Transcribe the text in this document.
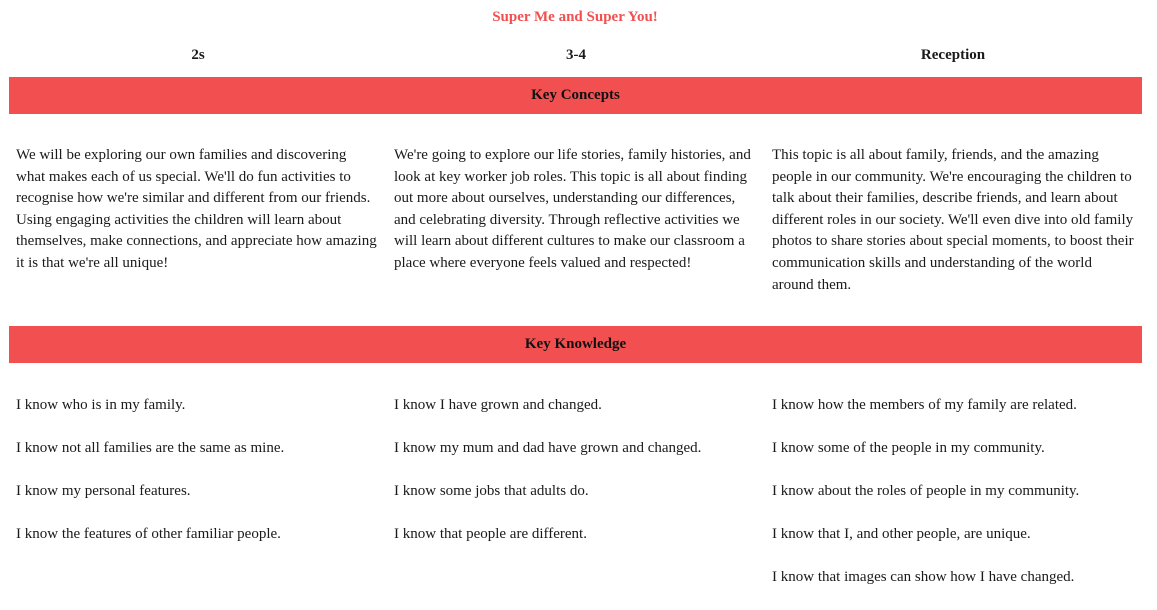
Super Me and Super You!
2s	3-4	Reception
Key Concepts
We will be exploring our own families and discovering what makes each of us special. We'll do fun activities to recognise how we're similar and different from our friends. Using engaging activities the children will learn about themselves, make connections, and appreciate how amazing it is that we're all unique!
We're going to explore our life stories, family histories, and look at key worker job roles. This topic is all about finding out more about ourselves, understanding our differences, and celebrating diversity. Through reflective activities we will learn about different cultures to make our classroom a place where everyone feels valued and respected!
This topic is all about family, friends, and the amazing people in our community. We're encouraging the children to talk about their families, describe friends, and learn about different roles in our society. We'll even dive into old family photos to share stories about special moments, to boost their communication skills and understanding of the world around them.
Key Knowledge
I know who is in my family.
I know not all families are the same as mine.
I know my personal features.
I know the features of other familiar people.
I know I have grown and changed.
I know my mum and dad have grown and changed.
I know some jobs that adults do.
I know that people are different.
I know how the members of my family are related.
I know some of the people in my community.
I know about the roles of people in my community.
I know that I, and other people, are unique.
I know that images can show how I have changed.
